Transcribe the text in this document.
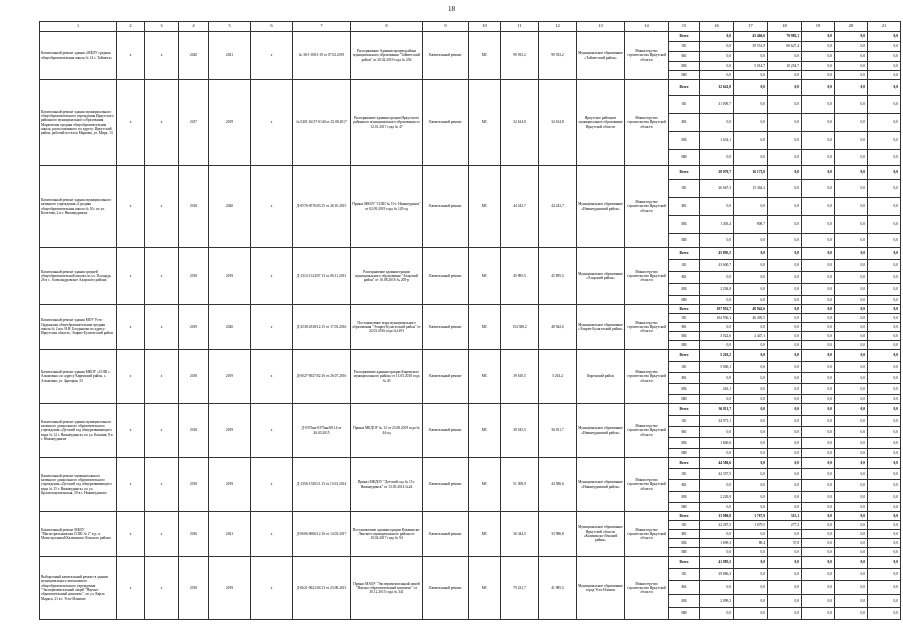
18
1	2	3	4	5	6	7	8	9	10	11	12	13	14	15	16	17	18	19	20	21
Капитальный ремонт здания «МБОУ средняя общеобразовательная школа № 14 г. Тайшета»	х	х	2020	2021	х	№ 38-1-0031-19 от 07.02.2019	Распоряжение Администрации района муниципального образования "Тайшетский район" от 20.02.2019 года № 256	Капитальный ремонт	МС	90 933,2	90 933,2	Муниципальное образование «Тайшетский район»	Министерство строительства Иркутской области	Всего	0,0	45 466,6	79 982,1	0,0	0,0	0,0
														ОБ	0,0	39 551,9	68 627,4	0,0	0,0	0,0
														ФБ	0,0	0,0	0,0	0,0	0,0	0,0
														МБ	0,0	5 914,7	10 254,7	0,0	0,0	0,0
														ИИ	0,0	0,0	0,0	0,0	0,0	0,0
Капитальный ремонт здания муниципального общеобразовательного учреждения Иркутского районного муниципального образования Марковская средняя общеобразовательная школа, расположенного по адресу: Иркутский район, рабочий поселок Маркова, ул. Мира, 13	х	х	2017	2019	х	№ 0201-02/17-0140 от 25.08.2017	Распоряжение администрации Иркутского районного муниципального образования от 12.01.2017 года № 47	Капитальный ремонт	МС	32 614,8	32 614,8	Иркутское районное муниципальное образование Иркутской области	Министерство строительства Иркутской области	Всего	32 641,8	0,0	0,0	0,0	0,0	0,0
														ОБ	31 009,7	0,0	0,0	0,0	0,0	0,0
														ФБ	0,0	0,0	0,0	0,0	0,0	0,0
														МБ	1 632,1	0,0	0,0	0,0	0,0	0,0
														ИИ	0,0	0,0	0,0	0,0	0,0	0,0
Капитальный ремонт здания муниципального казенного учреждения «Средняя общеобразовательная школа № 10» по ул. Кочетова, 2 в г. Нижнеудинске	х	х	2018	2020	х	Д-0576-0576/03.15 от 28.10.2015	Приказ МКОУ "СОШ № 10 г. Нижнеудинск" от 02.09.2019 года № 145-од	Капитальный ремонт	МС	44 243,7	44 243,7	Муниципальное образование «Нижнеудинский район»	Министерство строительства Иркутской области	Всего	28 070,7	16 173,0	0,0	0,0	0,0	0,0
														ОБ	26 667,3	15 364,3	0,0	0,0	0,0	0,0
														ФБ	0,0	0,0	0,0	0,0	0,0	0,0
														МБ	1 403,4	808,7	0,0	0,0	0,0	0,0
														ИИ	0,0	0,0	0,0	0,0	0,0	0,0
Капитальный ремонт здания средней общеобразовательной школы по ул. Площадь, 26 в с. Александровское Аларского района	х	х	2018	2019	х	Д-1314-1314/07.13 от 06.11.2013	Распоряжение администрации муниципального образования "Аларский район" от 16.08.2016 № 205-р	Капитальный ремонт	МС	45 895,5	45 895,5	Муниципальное образование «Аларский район»	Министерство строительства Иркутской области	Всего	45 895,5	0,0	0,0	0,0	0,0	0,0
														ОБ	43 600,7	0,0	0,0	0,0	0,0	0,0
														ФБ	0,0	0,0	0,0	0,0	0,0	0,0
														МБ	2 294,8	0,0	0,0	0,0	0,0	0,0
														ИИ	0,0	0,0	0,0	0,0	0,0	0,0
Капитальный ремонт здания МОУ Усть-Ордынская общеобразовательная средняя школа № 2 им. Н.Н. Балдынова по адресу: Иркутская область, Эхирит-Булагатский район	х	х	2019	2020	х	Д-2538-2538/12.15 от 17.03.2016	Постановление мэра муниципального образования "Эхирит-Булагатский район" от 22.03.2016 года №1491	Капитальный ремонт	МС	154 388,2	48 942,6	Муниципальное образование «Эхирит-Булагатский район»	Министерство строительства Иркутской области	Всего	107 952,7	48 942,6	0,0	0,0	0,0	0,0
														ОБ	104 930,1	46 495,5	0,0	0,0	0,0	0,0
														ФБ	0,0	0,0	0,0	0,0	0,0	0,0
														МБ	3 022,6	2 447,1	0,0	0,0	0,0	0,0
														ИИ	0,0	0,0	0,0	0,0	0,0	0,0
Капитальный ремонт здания МКОУ «СОШ с. Алымовка» по адресу Киренский район, с. Алымовка, ул. Зарецкая, 53	х	х	2018	2019	х	Д-0027-0027/02.16 от 26.07.2016	Распоряжение администрации Киренского муниципального района от 13.05.2018 года № 45	Капитальный ремонт	МС	39 610,5	5 263,2	Киренский район	Министерство строительства Иркутской области	Всего	5 263,2	0,0	0,0	0,0	0,0	0,0
														ОБ	5 000,1	0,0	0,0	0,0	0,0	0,0
														ФБ	0,0	0,0	0,0	0,0	0,0	0,0
														МБ	263,1	0,0	0,0	0,0	0,0	0,0
														ИИ	0,0	0,0	0,0	0,0	0,0	0,0
Капитальный ремонт здания муниципального казенного дошкольного образовательного учреждения «Детский сад общеразвивающего вида № 12 г. Нижнеудинск» по ул. Кашина, 8 в г. Нижнеудинске	х	х	2018	2019	х	Д-0375нн-0375нн/08.14 от 26.03.2015	Приказ МКДОУ № 12 от 23.08.2019 года № 44-од	Капитальный ремонт	МС	38 545,5	36 811,7	Муниципальное образование «Нижнеудинский район»	Министерство строительства Иркутской области	Всего	36 811,7	0,0	0,0	0,0	0,0	0,0
														ОБ	34 971,1	0,0	0,0	0,0	0,0	0,0
														ФБ	0,0	0,0	0,0	0,0	0,0	0,0
														МБ	1 840,6	0,0	0,0	0,0	0,0	0,0
														ИИ	0,0	0,0	0,0	0,0	0,0	0,0
Капитальный ремонт муниципального казенного дошкольного образовательного учреждения «Детский сад общеразвивающего вида № 15 г. Нижнеудинск» по ул. Краснопартизанская, 29 в г. Нижнеудинске	х	х	2018	2019	х	Д-1356-1356/11.13 от 15.03.2014	Приказ МКДОУ "Детский сад № 15 г. Нижнеудинск" от 13.05.2014 №24	Капитальный ремонт	МС	51 508,9	44 586,6	Муниципальное образование «Нижнеудинский район»	Министерство строительства Иркутской области	Всего	44 586,6	0,0	0,0	0,0	0,0	0,0
														ОБ	42 357,5	0,0	0,0	0,0	0,0	0,0
														ФБ	0,0	0,0	0,0	0,0	0,0	0,0
														МБ	2 229,9	0,0	0,0	0,0	0,0	0,0
														ИИ	0,0	0,0	0,0	0,0	0,0	0,0
Капитальный ремонт МБОУ "Магистральнинская СОШ № 2" в р. п. Магистральный Казачинско-Ленского района	х	х	2016	2021	х	Д-0606-0606/12.16 от 14.03.2017	Постановление администрации Казачинско-Ленского муниципального района от 10.04.2017 года № 94	Капитальный ремонт	МС	36 344,5	33 986,8	Муниципальное образование Иркутской области «Казачинско-Ленский район»	Министерство строительства Иркутской области	Всего	33 986,8	1 767,9	315,1	0,0	0,0	0,0
														ОБ	32 287,5	1 679,5	277,3	0,0	0,0	0,0
														ФБ	0,0	0,0	0,0	0,0	0,0	0,0
														МБ	1 699,3	88,4	37,8	0,0	0,0	0,0
														ИИ	0,0	0,0	0,0	0,0	0,0	0,0
Выборочный капитальный ремонт в здании муниципального автономного общеобразовательного учреждения "Экспериментальный лицей "Научно-образовательный комплекс", по ул. Карла Маркса, 21 в г. Усть-Илимске	х	х	2018	2019	х	Д-0621-0621/04.13 от 23.08.2013	Приказ МАОУ "Экспериментальный лицей "Научно-образовательный комплекс" от 30.12.2015 года № 341	Капитальный ремонт	МС	79 221,7	41 985,5	Муниципальное образование город Усть-Илимск	Министерство строительства Иркутской области	Всего	41 985,5	0,0	0,0	0,0	0,0	0,0
														ОБ	39 886,3	0,0	0,0	0,0	0,0	0,0
														ФБ	0,0	0,0	0,0	0,0	0,0	0,0
														МБ	2 099,2	0,0	0,0	0,0	0,0	0,0
														ИИ	0,0	0,0	0,0	0,0	0,0	0,0
